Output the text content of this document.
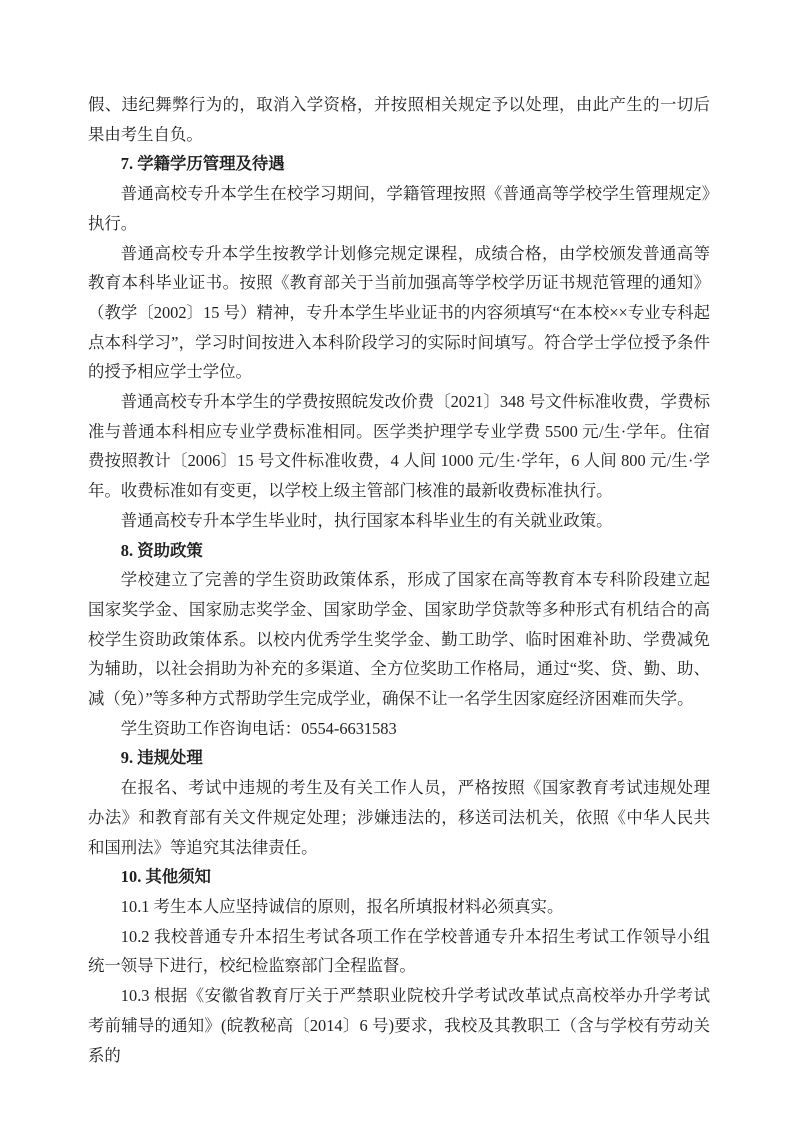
假、违纪舞弊行为的，取消入学资格，并按照相关规定予以处理，由此产生的一切后果由考生自负。

7. 学籍学历管理及待遇

普通高校专升本学生在校学习期间，学籍管理按照《普通高等学校学生管理规定》执行。

普通高校专升本学生按教学计划修完规定课程，成绩合格，由学校颁发普通高等教育本科毕业证书。按照《教育部关于当前加强高等学校学历证书规范管理的通知》（教学〔2002〕15 号）精神，专升本学生毕业证书的内容须填写“在本校××专业专科起点本科学习”，学习时间按进入本科阶段学习的实际时间填写。符合学士学位授予条件的授予相应学士学位。

普通高校专升本学生的学费按照皖发改价费〔2021〕348 号文件标准收费，学费标准与普通本科相应专业学费标准相同。医学类护理学专业学费 5500 元/生·学年。住宿费按照教计〔2006〕15 号文件标准收费，4 人间 1000 元/生·学年，6 人间 800 元/生·学年。收费标准如有变更，以学校上级主管部门核准的最新收费标准执行。

普通高校专升本学生毕业时，执行国家本科毕业生的有关就业政策。

8. 资助政策

学校建立了完善的学生资助政策体系，形成了国家在高等教育本专科阶段建立起国家奖学金、国家励志奖学金、国家助学金、国家助学贷款等多种形式有机结合的高校学生资助政策体系。以校内优秀学生奖学金、勤工助学、临时困难补助、学费减免为辅助，以社会捐助为补充的多渠道、全方位奖助工作格局，通过“奖、贷、勤、助、减（免）”等多种方式帮助学生完成学业，确保不让一名学生因家庭经济困难而失学。

学生资助工作咨询电话：0554-6631583

9. 违规处理

在报名、考试中违规的考生及有关工作人员，严格按照《国家教育考试违规处理办法》和教育部有关文件规定处理；涉嫌违法的，移送司法机关，依照《中华人民共和国刑法》等追究其法律责任。

10. 其他须知

10.1 考生本人应坚持诚信的原则，报名所填报材料必须真实。

10.2 我校普通专升本招生考试各项工作在学校普通专升本招生考试工作领导小组统一领导下进行，校纪检监察部门全程监督。

10.3 根据《安徽省教育厅关于严禁职业院校升学考试改革试点高校举办升学考试考前辅导的通知》(皖教秘高〔2014〕6 号)要求，我校及其教职工（含与学校有劳动关系的
